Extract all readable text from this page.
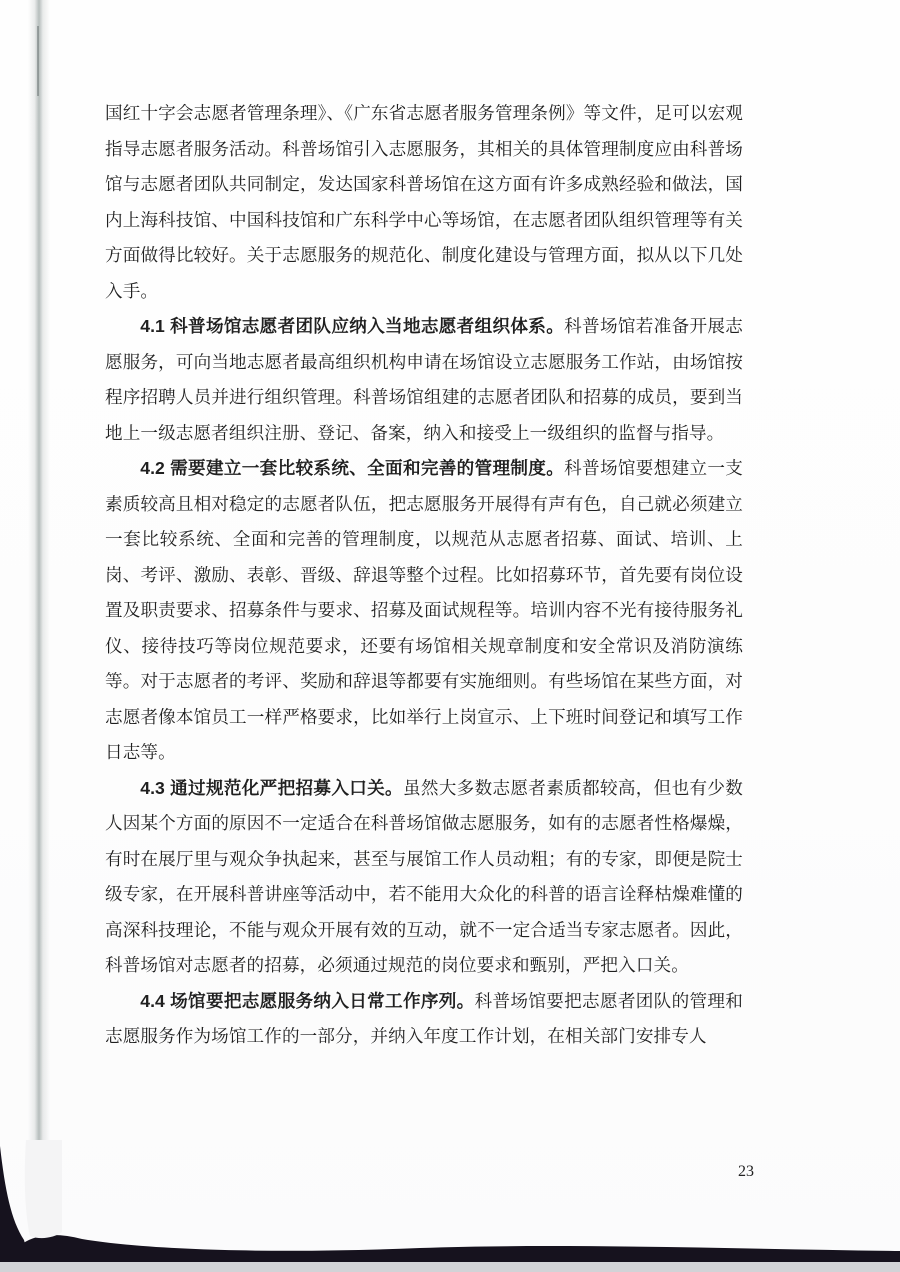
国红十字会志愿者管理条理》、《广东省志愿者服务管理条例》等文件，足可以宏观指导志愿者服务活动。科普场馆引入志愿服务，其相关的具体管理制度应由科普场馆与志愿者团队共同制定，发达国家科普场馆在这方面有许多成熟经验和做法，国内上海科技馆、中国科技馆和广东科学中心等场馆，在志愿者团队组织管理等有关方面做得比较好。关于志愿服务的规范化、制度化建设与管理方面，拟从以下几处入手。

4.1 科普场馆志愿者团队应纳入当地志愿者组织体系。科普场馆若准备开展志愿服务，可向当地志愿者最高组织机构申请在场馆设立志愿服务工作站，由场馆按程序招聘人员并进行组织管理。科普场馆组建的志愿者团队和招募的成员，要到当地上一级志愿者组织注册、登记、备案，纳入和接受上一级组织的监督与指导。

4.2 需要建立一套比较系统、全面和完善的管理制度。科普场馆要想建立一支素质较高且相对稳定的志愿者队伍，把志愿服务开展得有声有色，自己就必须建立一套比较系统、全面和完善的管理制度，以规范从志愿者招募、面试、培训、上岗、考评、激励、表彰、晋级、辞退等整个过程。比如招募环节，首先要有岗位设置及职责要求、招募条件与要求、招募及面试规程等。培训内容不光有接待服务礼仪、接待技巧等岗位规范要求，还要有场馆相关规章制度和安全常识及消防演练等。对于志愿者的考评、奖励和辞退等都要有实施细则。有些场馆在某些方面，对志愿者像本馆员工一样严格要求，比如举行上岗宣示、上下班时间登记和填写工作日志等。

4.3 通过规范化严把招募入口关。虽然大多数志愿者素质都较高，但也有少数人因某个方面的原因不一定适合在科普场馆做志愿服务，如有的志愿者性格爆燥，有时在展厅里与观众争执起来，甚至与展馆工作人员动粗；有的专家，即便是院士级专家，在开展科普讲座等活动中，若不能用大众化的科普的语言诠释枯燥难懂的高深科技理论，不能与观众开展有效的互动，就不一定合适当专家志愿者。因此，科普场馆对志愿者的招募，必须通过规范的岗位要求和甄别，严把入口关。

4.4 场馆要把志愿服务纳入日常工作序列。科普场馆要把志愿者团队的管理和志愿服务作为场馆工作的一部分，并纳入年度工作计划，在相关部门安排专人

23
